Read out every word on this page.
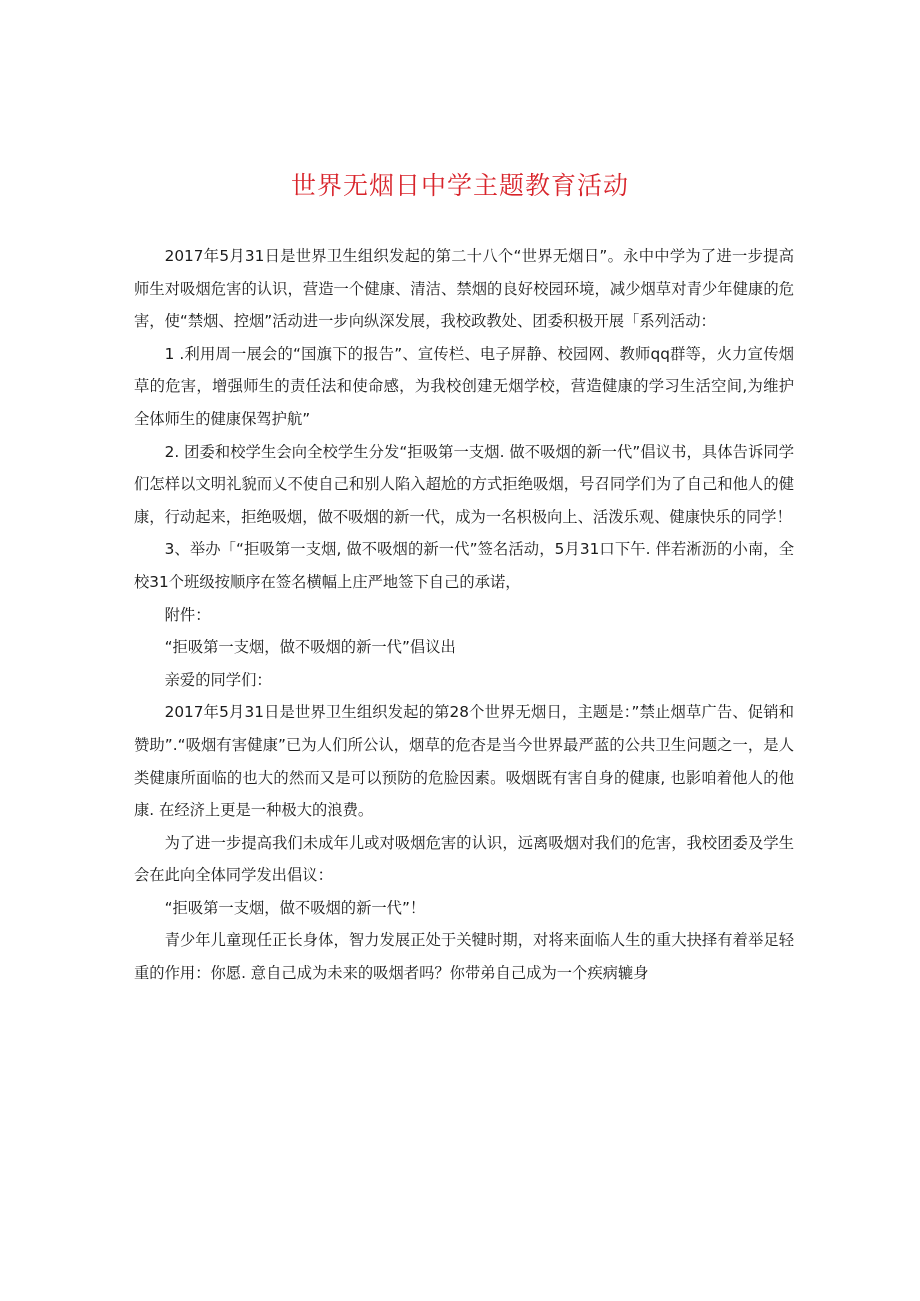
世界无烟日中学主题教育活动

2017年5月31日是世界卫生组织发起的第二十八个“世界无烟日”。永中中学为了进一步提高师生对吸烟危害的认识，营造一个健康、清洁、禁烟的良好校园环境，减少烟草对青少年健康的危害，使“禁烟、控烟”活动进一步向纵深发展，我校政教处、团委积极开展「系列活动：

1 .利用周一展会的“国旗下的报告”、宣传栏、电子屏静、校园网、教师qq群等，火力宣传烟草的危害，增强师生的责任法和使命感，为我校创建无烟学校，营造健康的学习生活空间,为维护全体师生的健康保驾护航”

2. 团委和校学生会向全校学生分发“拒吸第一支烟. 做不吸烟的新一代”倡议书，具体告诉同学们怎样以文明礼貌而乂不使自己和别人陷入超尬的方式拒绝吸烟，号召同学们为了自己和他人的健康，行动起来，拒绝吸烟，做不吸烟的新一代，成为一名枳极向上、活泼乐观、健康快乐的同学！

3、举办「“拒吸第一支烟, 做不吸烟的新一代”签名活动，5月31口下午. 伴若淅沥的小南，全校31个班级按顺序在签名横幅上庄严地签下自己的承诺，

附件：

“拒吸第一支烟，做不吸烟的新一代”倡议出

亲爱的同学们：

2017年5月31日是世界卫生组织发起的第28个世界无烟日，主题是：”禁止烟草广告、促销和赞助”.“吸烟有害健康”已为人们所公认，烟草的危杏是当今世界最严蓝的公共卫生问题之一，是人类健康所面临的也大的然而又是可以预防的危脸因素。吸烟既有害自身的健康, 也影咱着他人的他康. 在经济上更是一种极大的浪费。

为了进一步提高我们未成年儿或对吸烟危害的认识，远离吸烟对我们的危害，我校团委及学生会在此向全体同学发出倡议：

“拒吸第一支烟，做不吸烟的新一代”！

青少年儿童现任正长身体，智力发展正处于关犍时期，对将来面临人生的重大抉择有着举足轻重的作用：你愿. 意自己成为未来的吸烟者吗？你带弟自己成为一个疾病辘身
